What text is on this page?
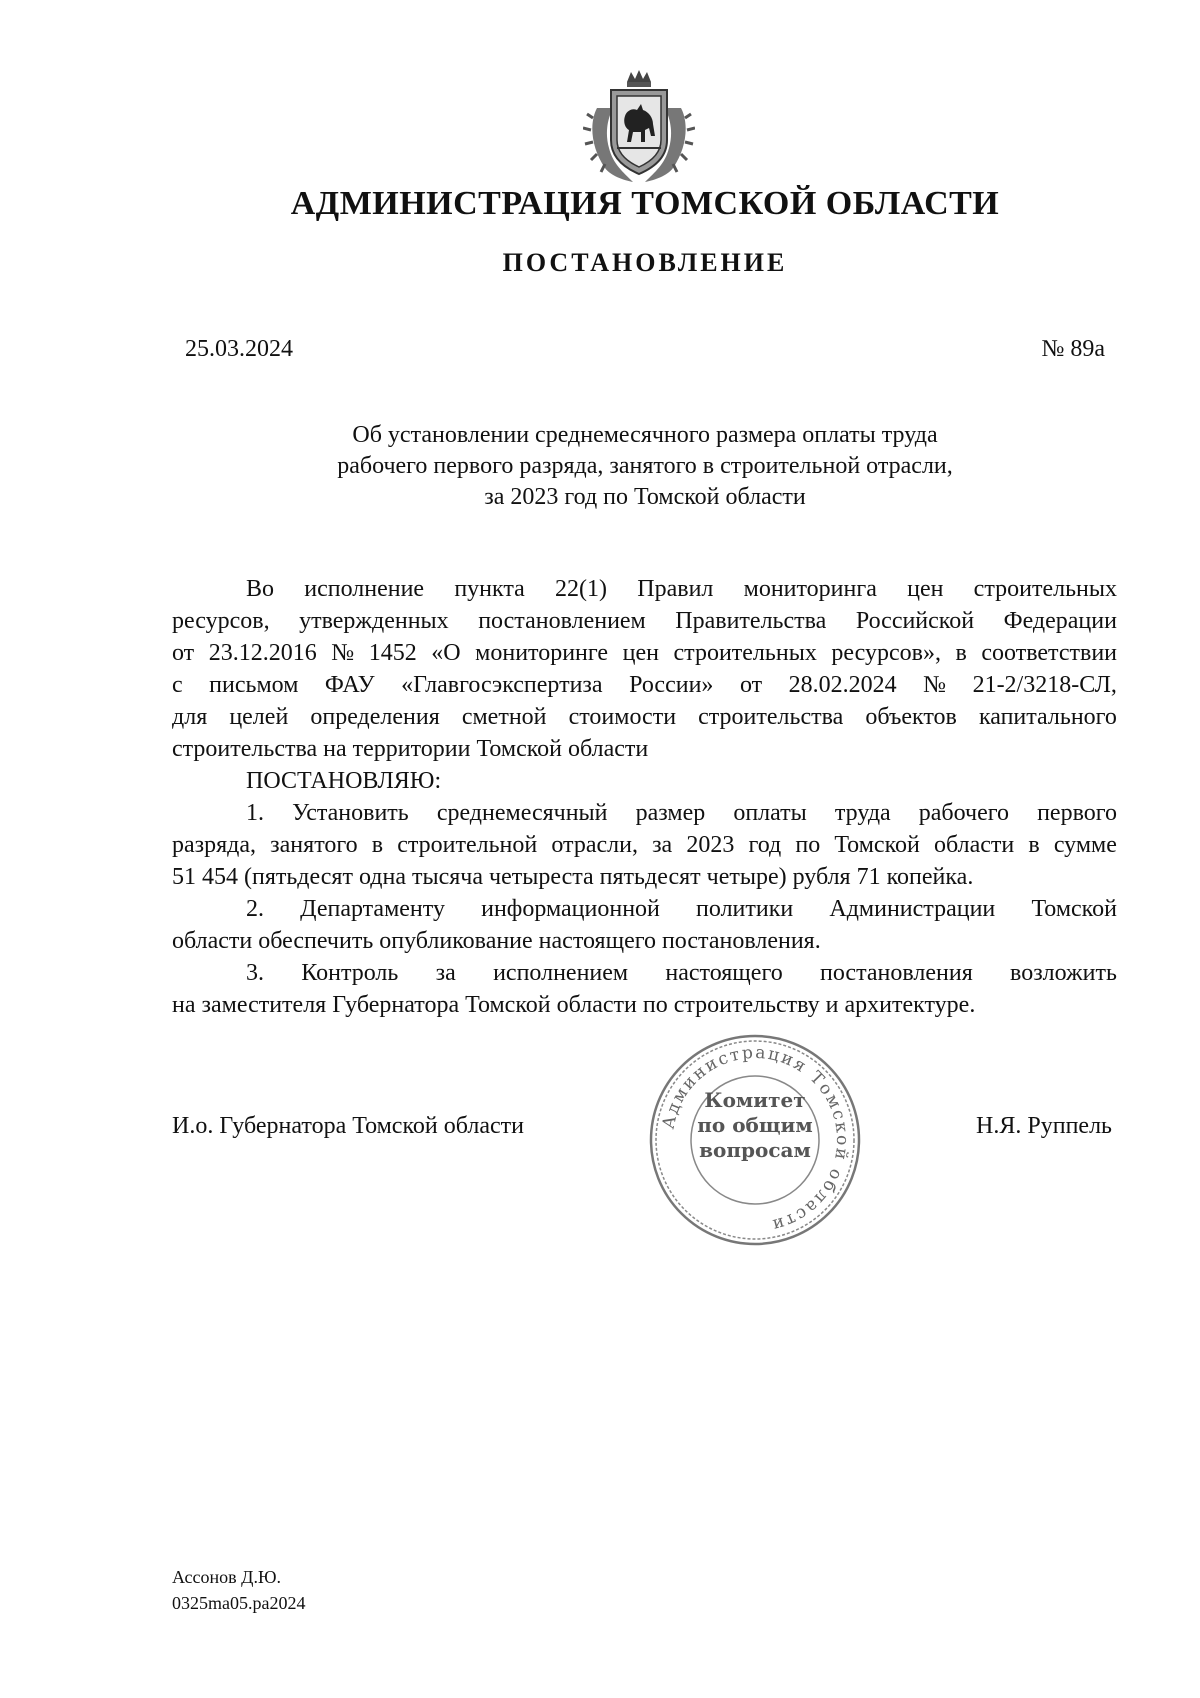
АДМИНИСТРАЦИЯ ТОМСКОЙ ОБЛАСТИ
ПОСТАНОВЛЕНИЕ
25.03.2024	№ 89а
Об установлении среднемесячного размера оплаты труда
рабочего первого разряда, занятого в строительной отрасли,
за 2023 год по Томской области
Во исполнение пункта 22(1) Правил мониторинга цен строительных
ресурсов, утвержденных постановлением Правительства Российской Федерации
от 23.12.2016 № 1452 «О мониторинге цен строительных ресурсов», в соответствии
с письмом ФАУ «Главгосэкспертиза России» от 28.02.2024 № 21-2/3218-СЛ,
для целей определения сметной стоимости строительства объектов капитального
строительства на территории Томской области
ПОСТАНОВЛЯЮ:
1. Установить среднемесячный размер оплаты труда рабочего первого
разряда, занятого в строительной отрасли, за 2023 год по Томской области в сумме
51 454 (пятьдесят одна тысяча четыреста пятьдесят четыре) рубля 71 копейка.
2. Департаменту информационной политики Администрации Томской
области обеспечить опубликование настоящего постановления.
3. Контроль за исполнением настоящего постановления возложить
на заместителя Губернатора Томской области по строительству и архитектуре.
И.о. Губернатора Томской области	Администрация Томской области
Комитет
по общим
вопросам
Н.Я. Руппель
Ассонов Д.Ю.
0325ma05.pa2024
